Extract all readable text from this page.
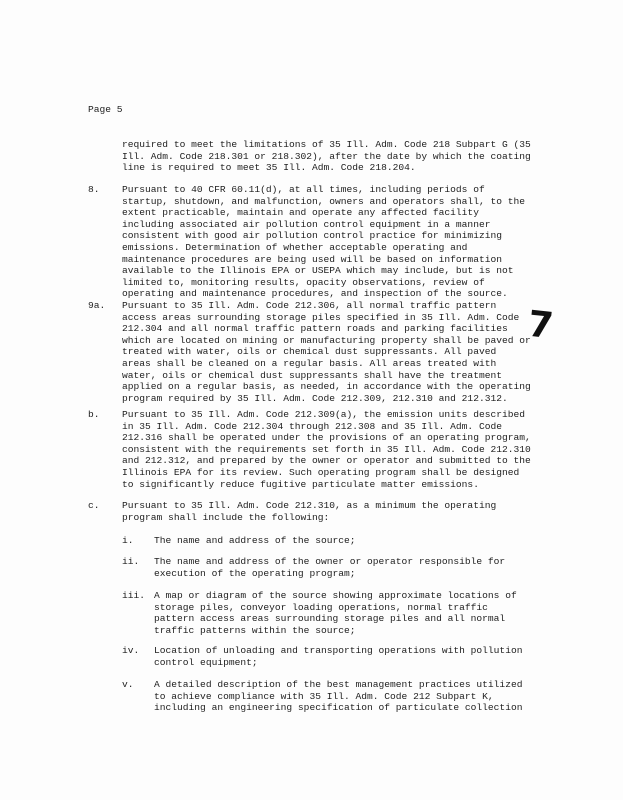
Page 5
required to meet the limitations of 35 Ill. Adm. Code 218 Subpart G (35
Ill. Adm. Code 218.301 or 218.302), after the date by which the coating
line is required to meet 35 Ill. Adm. Code 218.204.
8. Pursuant to 40 CFR 60.11(d), at all times, including periods of
startup, shutdown, and malfunction, owners and operators shall, to the
extent practicable, maintain and operate any affected facility
including associated air pollution control equipment in a manner
consistent with good air pollution control practice for minimizing
emissions. Determination of whether acceptable operating and
maintenance procedures are being used will be based on information
available to the Illinois EPA or USEPA which may include, but is not
limited to, monitoring results, opacity observations, review of
operating and maintenance procedures, and inspection of the source.
9a. Pursuant to 35 Ill. Adm. Code 212.306, all normal traffic pattern
access areas surrounding storage piles specified in 35 Ill. Adm. Code
212.304 and all normal traffic pattern roads and parking facilities
which are located on mining or manufacturing property shall be paved or
treated with water, oils or chemical dust suppressants. All paved
areas shall be cleaned on a regular basis. All areas treated with
water, oils or chemical dust suppressants shall have the treatment
applied on a regular basis, as needed, in accordance with the operating
program required by 35 Ill. Adm. Code 212.309, 212.310 and 212.312.
7
b. Pursuant to 35 Ill. Adm. Code 212.309(a), the emission units described
in 35 Ill. Adm. Code 212.304 through 212.308 and 35 Ill. Adm. Code
212.316 shall be operated under the provisions of an operating program,
consistent with the requirements set forth in 35 Ill. Adm. Code 212.310
and 212.312, and prepared by the owner or operator and submitted to the
Illinois EPA for its review. Such operating program shall be designed
to significantly reduce fugitive particulate matter emissions.
c. Pursuant to 35 Ill. Adm. Code 212.310, as a minimum the operating
program shall include the following:
i. The name and address of the source;
ii. The name and address of the owner or operator responsible for
execution of the operating program;
iii. A map or diagram of the source showing approximate locations of
storage piles, conveyor loading operations, normal traffic
pattern access areas surrounding storage piles and all normal
traffic patterns within the source;
iv. Location of unloading and transporting operations with pollution
control equipment;
v. A detailed description of the best management practices utilized
to achieve compliance with 35 Ill. Adm. Code 212 Subpart K,
including an engineering specification of particulate collection
